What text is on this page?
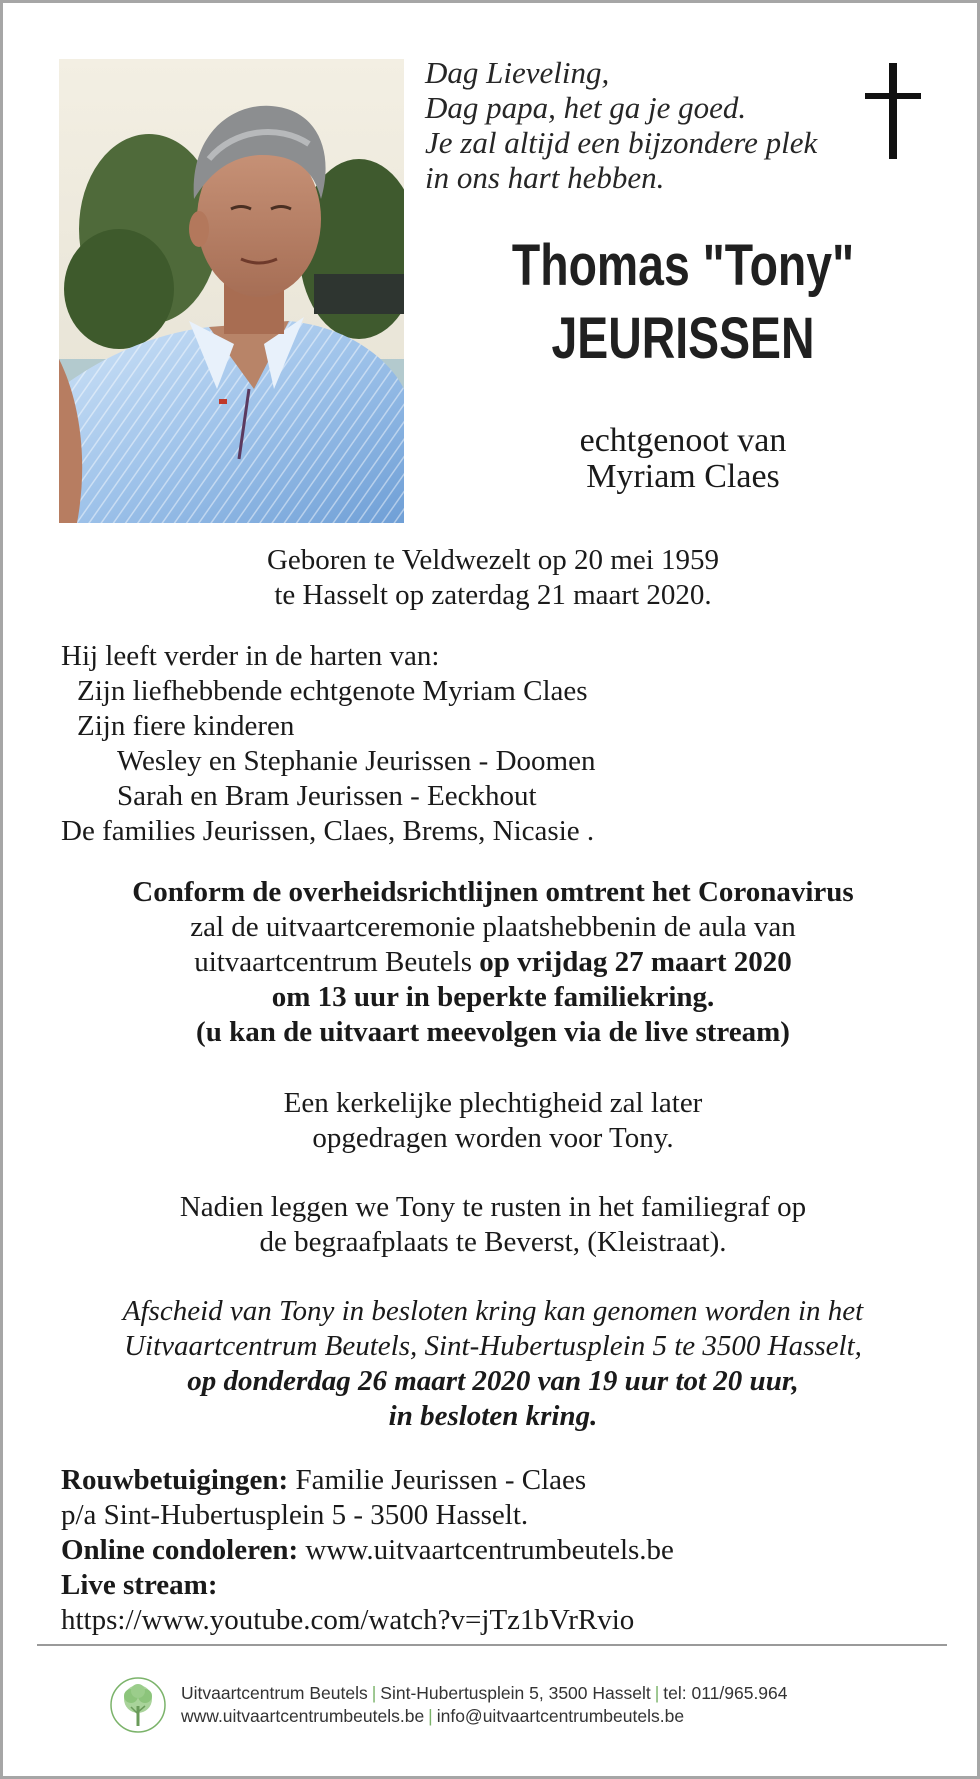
Dag Lieveling,
Dag papa, het ga je goed.
Je zal altijd een bijzondere plek
in ons hart hebben.
Thomas "Tony"
JEURISSEN
echtgenoot van
Myriam Claes
Geboren te Veldwezelt op 20 mei 1959
te Hasselt op zaterdag 21 maart 2020.
Hij leeft verder in de harten van:
Zijn liefhebbende echtgenote Myriam Claes
Zijn fiere kinderen
Wesley en Stephanie Jeurissen - Doomen
Sarah en Bram Jeurissen - Eeckhout
De families Jeurissen, Claes, Brems, Nicasie .
Conform de overheidsrichtlijnen omtrent het Coronavirus
zal de uitvaartceremonie plaatshebbenin de aula van
uitvaartcentrum Beutels op vrijdag 27 maart 2020
om 13 uur in beperkte familiekring.
(u kan de uitvaart meevolgen via de live stream)
Een kerkelijke plechtigheid zal later
opgedragen worden voor Tony.
Nadien leggen we Tony te rusten in het familiegraf op
de begraafplaats te Beverst, (Kleistraat).
Afscheid van Tony in besloten kring kan genomen worden in het
Uitvaartcentrum Beutels, Sint-Hubertusplein 5 te 3500 Hasselt,
op donderdag 26 maart 2020 van 19 uur tot 20 uur,
in besloten kring.
Rouwbetuigingen: Familie Jeurissen - Claes
p/a Sint-Hubertusplein 5 - 3500 Hasselt.
Online condoleren: www.uitvaartcentrumbeutels.be
Live stream:
https://www.youtube.com/watch?v=jTz1bVrRvio
Uitvaartcentrum Beutels | Sint-Hubertusplein 5, 3500 Hasselt | tel: 011/965.964
www.uitvaartcentrumbeutels.be | info@uitvaartcentrumbeutels.be
